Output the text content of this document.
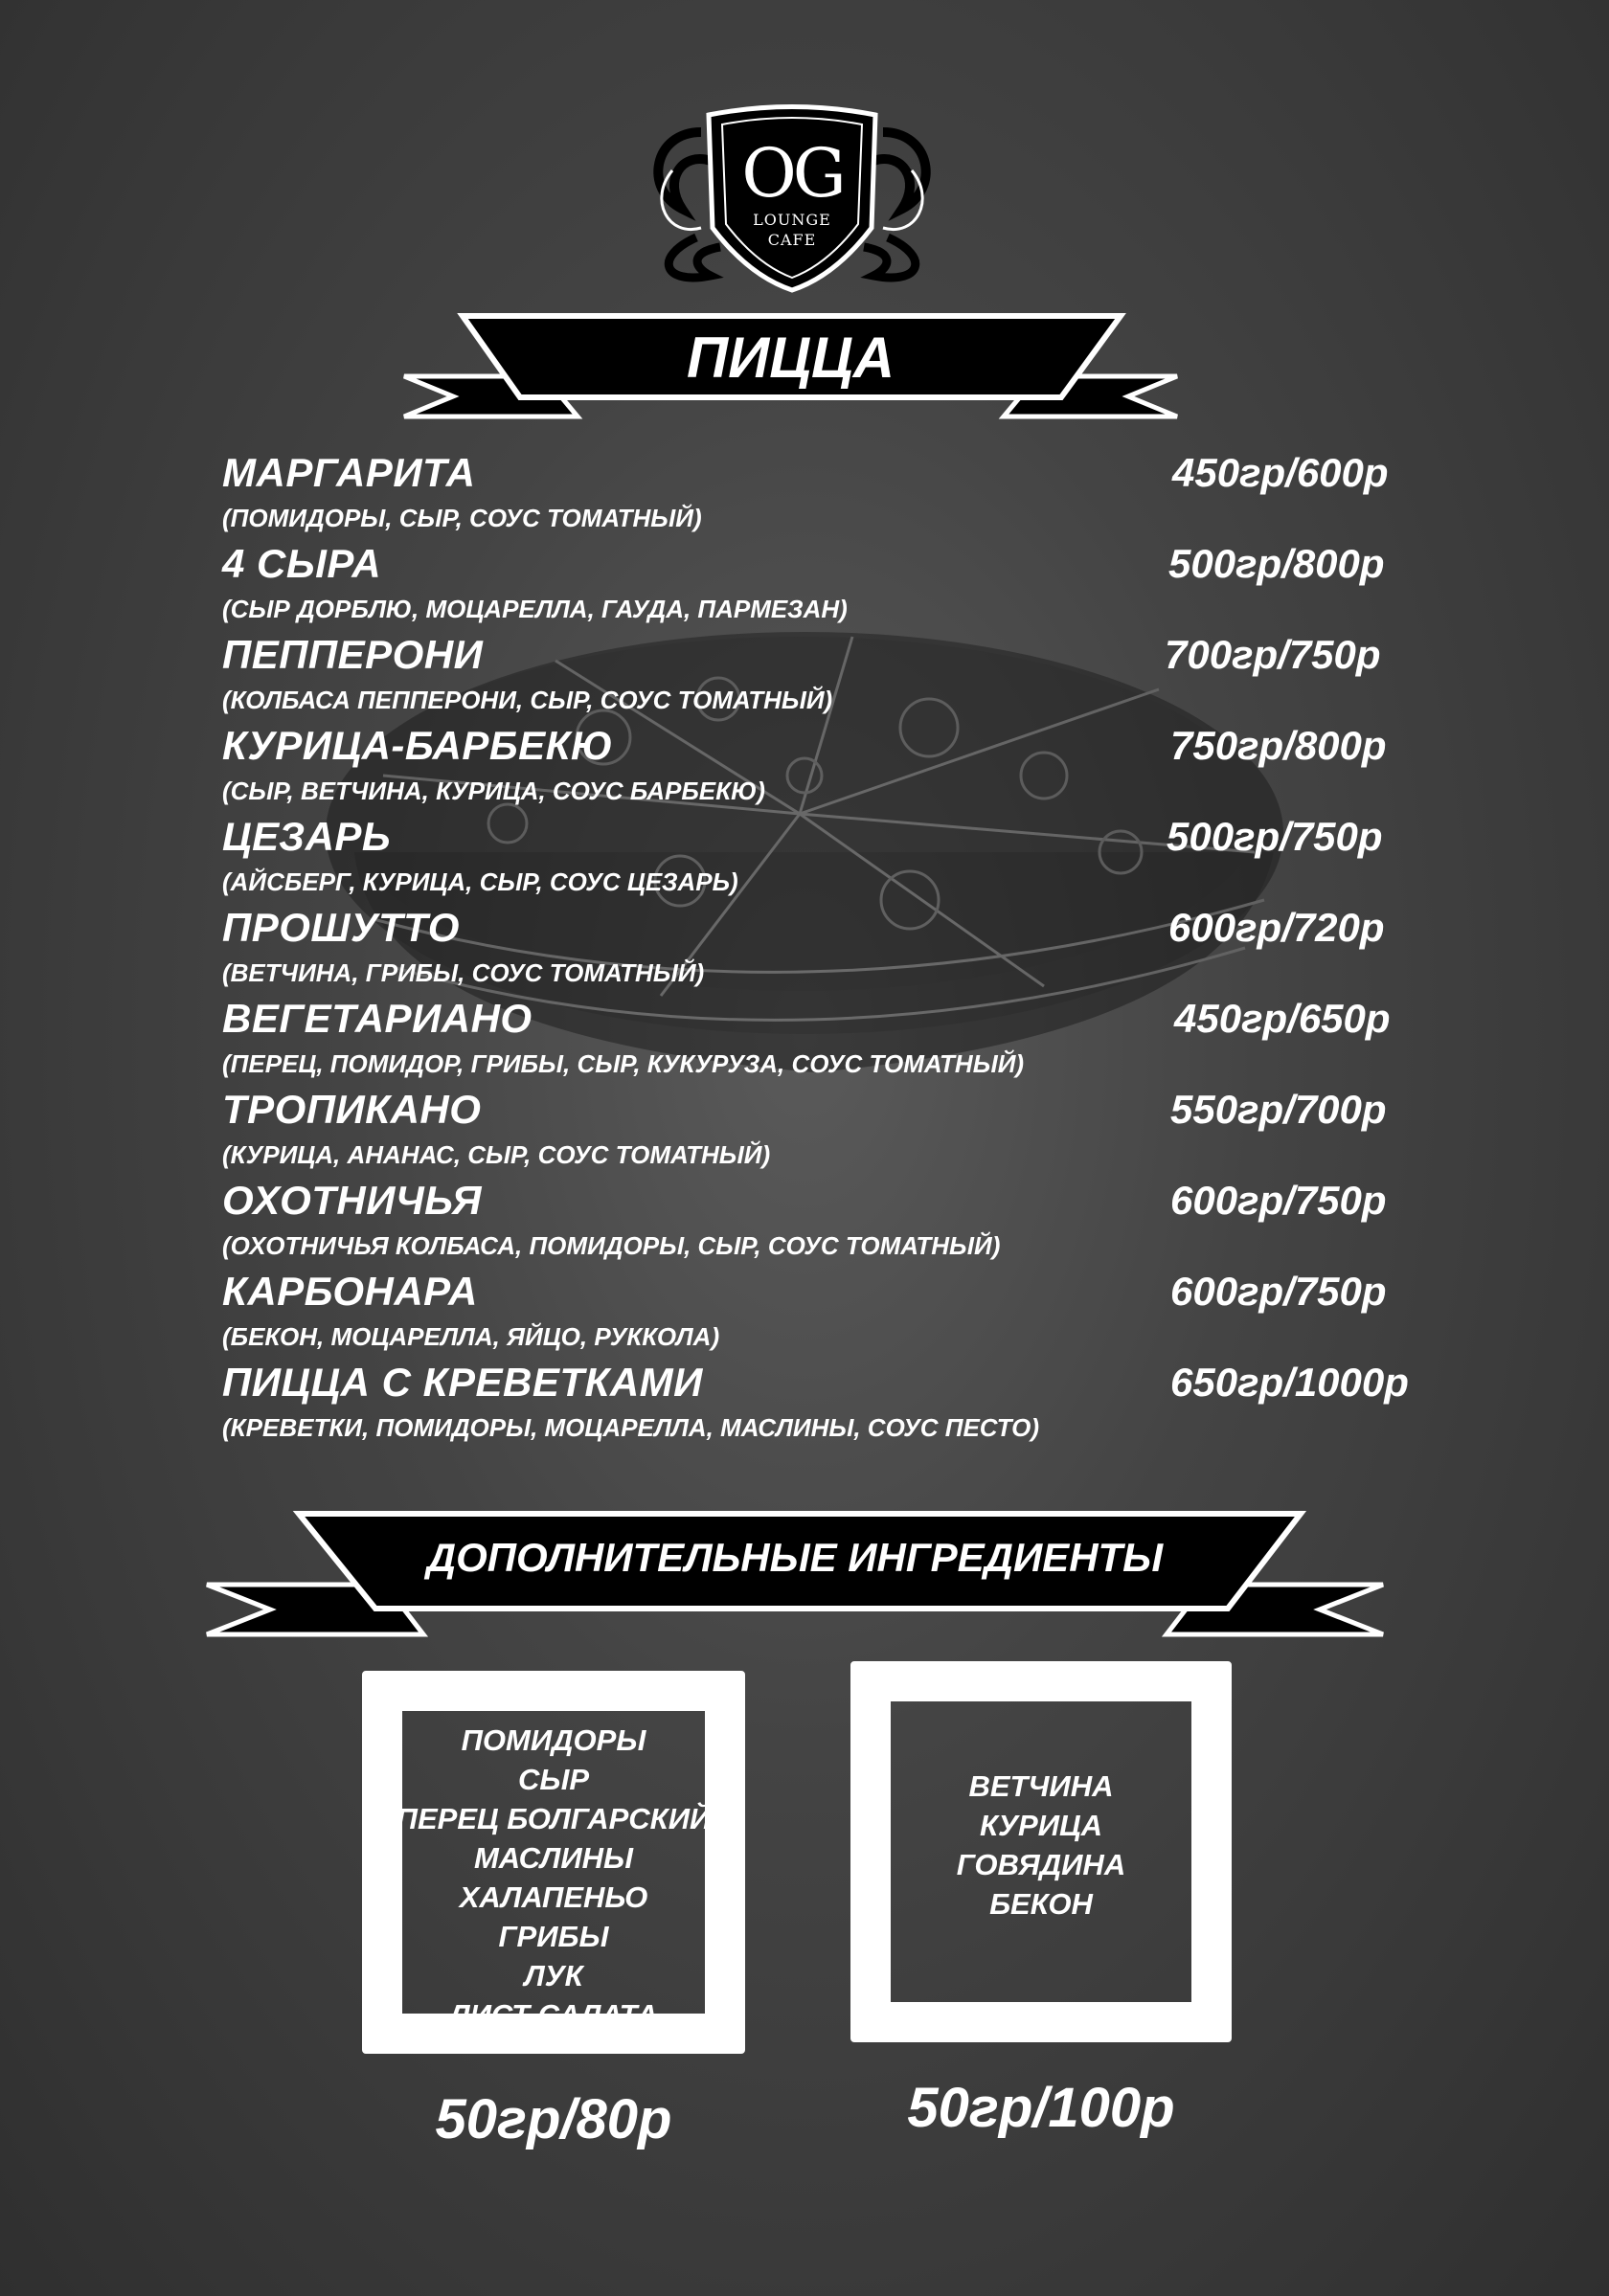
OG
LOUNGE
CAFE
ПИЦЦА
МАРГАРИТА
(ПОМИДОРЫ, СЫР, СОУС ТОМАТНЫЙ)
450гр/600р
4 СЫРА
(СЫР ДОРБЛЮ, МОЦАРЕЛЛА, ГАУДА, ПАРМЕЗАН)
500гр/800р
ПЕППЕРОНИ
(КОЛБАСА ПЕППЕРОНИ, СЫР, СОУС ТОМАТНЫЙ)
700гр/750р
КУРИЦА-БАРБЕКЮ
(СЫР, ВЕТЧИНА, КУРИЦА, СОУС БАРБЕКЮ)
750гр/800р
ЦЕЗАРЬ
(АЙСБЕРГ, КУРИЦА, СЫР, СОУС ЦЕЗАРЬ)
500гр/750р
ПРОШУТТО
(ВЕТЧИНА, ГРИБЫ, СОУС ТОМАТНЫЙ)
600гр/720р
ВЕГЕТАРИАНО
(ПЕРЕЦ, ПОМИДОР, ГРИБЫ, СЫР, КУКУРУЗА, СОУС ТОМАТНЫЙ)
450гр/650р
ТРОПИКАНО
(КУРИЦА, АНАНАС, СЫР, СОУС ТОМАТНЫЙ)
550гр/700р
ОХОТНИЧЬЯ
(ОХОТНИЧЬЯ КОЛБАСА, ПОМИДОРЫ, СЫР, СОУС ТОМАТНЫЙ)
600гр/750р
КАРБОНАРА
(БЕКОН, МОЦАРЕЛЛА, ЯЙЦО, РУККОЛА)
600гр/750р
ПИЦЦА С КРЕВЕТКАМИ
(КРЕВЕТКИ, ПОМИДОРЫ, МОЦАРЕЛЛА, МАСЛИНЫ, СОУС ПЕСТО)
650гр/1000р
ДОПОЛНИТЕЛЬНЫЕ ИНГРЕДИЕНТЫ
ПОМИДОРЫ
СЫР
ПЕРЕЦ БОЛГАРСКИЙ
МАСЛИНЫ
ХАЛАПЕНЬО
ГРИБЫ
ЛУК
ЛИСТ САЛАТА
50гр/80р
ВЕТЧИНА
КУРИЦА
ГОВЯДИНА
БЕКОН
50гр/100р
